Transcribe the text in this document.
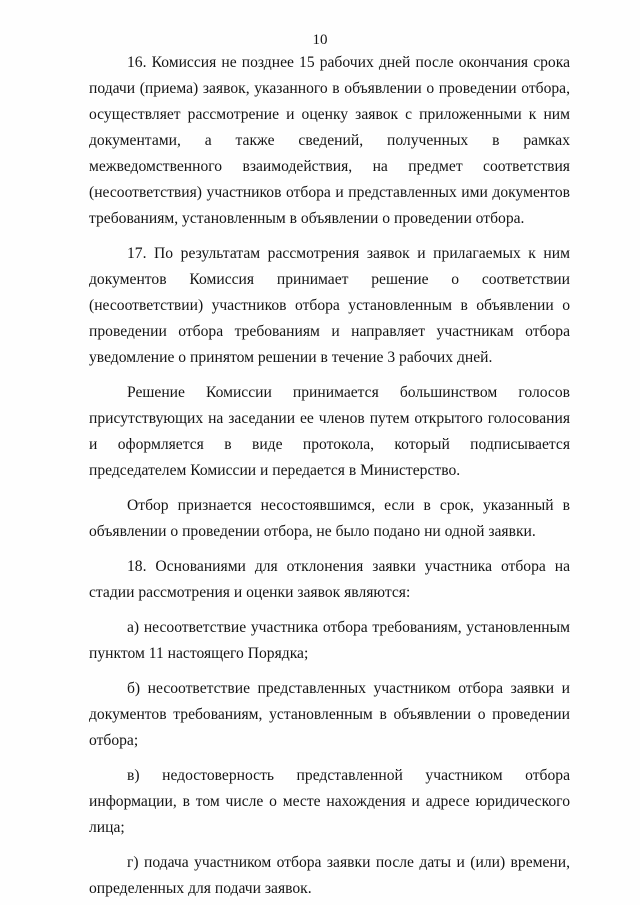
10

16. Комиссия не позднее 15 рабочих дней после окончания срока подачи (приема) заявок, указанного в объявлении о проведении отбора, осуществляет рассмотрение и оценку заявок с приложенными к ним документами, а также сведений, полученных в рамках межведомственного взаимодействия, на предмет соответствия (несоответствия) участников отбора и представленных ими документов требованиям, установленным в объявлении о проведении отбора.

17. По результатам рассмотрения заявок и прилагаемых к ним документов Комиссия принимает решение о соответствии (несоответствии) участников отбора установленным в объявлении о проведении отбора требованиям и направляет участникам отбора уведомление о принятом решении в течение 3 рабочих дней.

Решение Комиссии принимается большинством голосов присутствующих на заседании ее членов путем открытого голосования и оформляется в виде протокола, который подписывается председателем Комиссии и передается в Министерство.

Отбор признается несостоявшимся, если в срок, указанный в объявлении о проведении отбора, не было подано ни одной заявки.

18. Основаниями для отклонения заявки участника отбора на стадии рассмотрения и оценки заявок являются:

а) несоответствие участника отбора требованиям, установленным пунктом 11 настоящего Порядка;

б) несоответствие представленных участником отбора заявки и документов требованиям, установленным в объявлении о проведении отбора;

в) недостоверность представленной участником отбора информации, в том числе о месте нахождения и адресе юридического лица;

г) подача участником отбора заявки после даты и (или) времени, определенных для подачи заявок.
